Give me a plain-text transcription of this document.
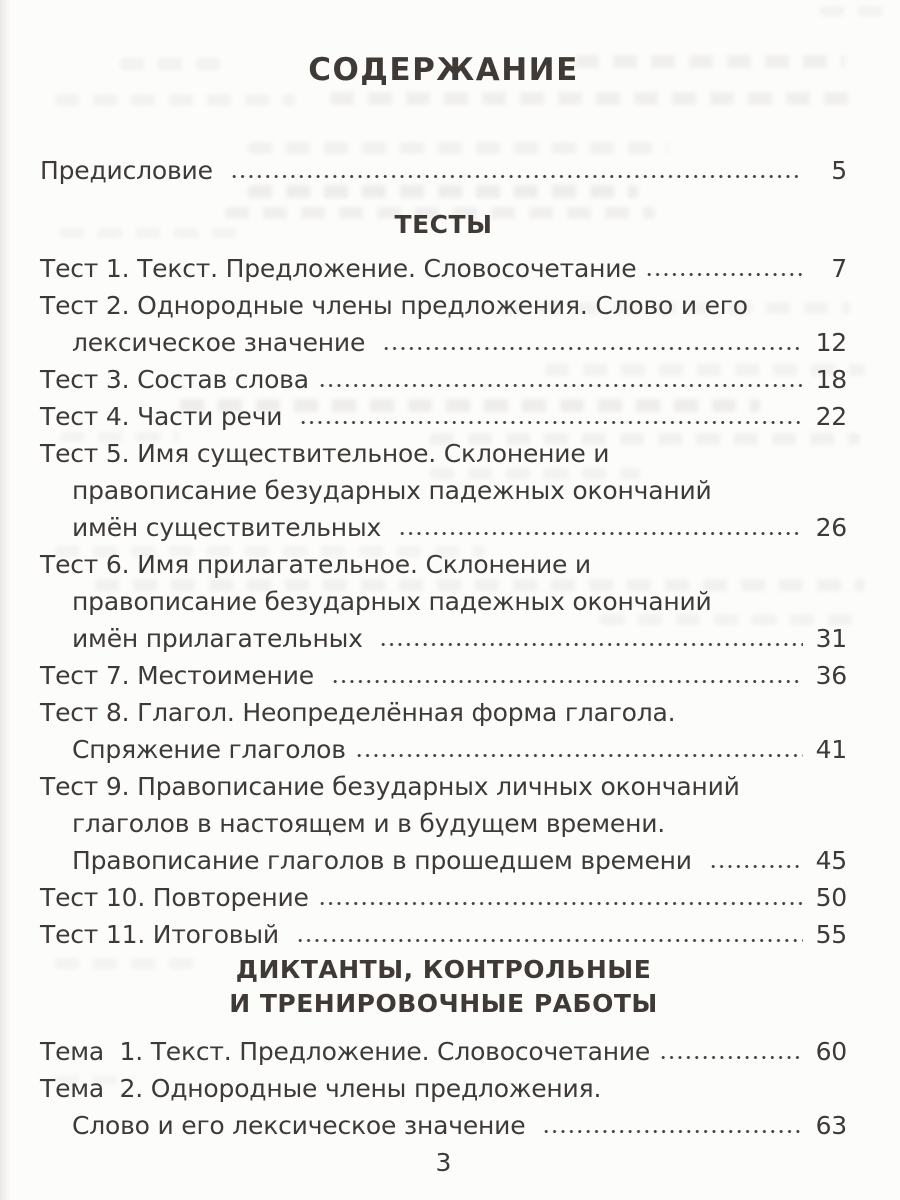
СОДЕРЖАНИЕ
Предисловие	5
ТЕСТЫ
Тест 1. Текст. Предложение. Словосочетание	7
Тест 2. Однородные члены предложения. Слово и его
лексическое значение	12
Тест 3. Состав слова	18
Тест 4. Части речи	22
Тест 5. Имя существительное. Склонение и
правописание безударных падежных окончаний
имён существительных	26
Тест 6. Имя прилагательное. Склонение и
правописание безударных падежных окончаний
имён прилагательных	31
Тест 7. Местоимение	36
Тест 8. Глагол. Неопределённая форма глагола.
Спряжение глаголов	41
Тест 9. Правописание безударных личных окончаний
глаголов в настоящем и в будущем времени.
Правописание глаголов в прошедшем времени	45
Тест 10. Повторение	50
Тест 11. Итоговый	55
ДИКТАНТЫ, КОНТРОЛЬНЫЕ
И ТРЕНИРОВОЧНЫЕ РАБОТЫ
Тема  1. Текст. Предложение. Словосочетание	60
Тема  2. Однородные члены предложения.
Слово и его лексическое значение	63
3
